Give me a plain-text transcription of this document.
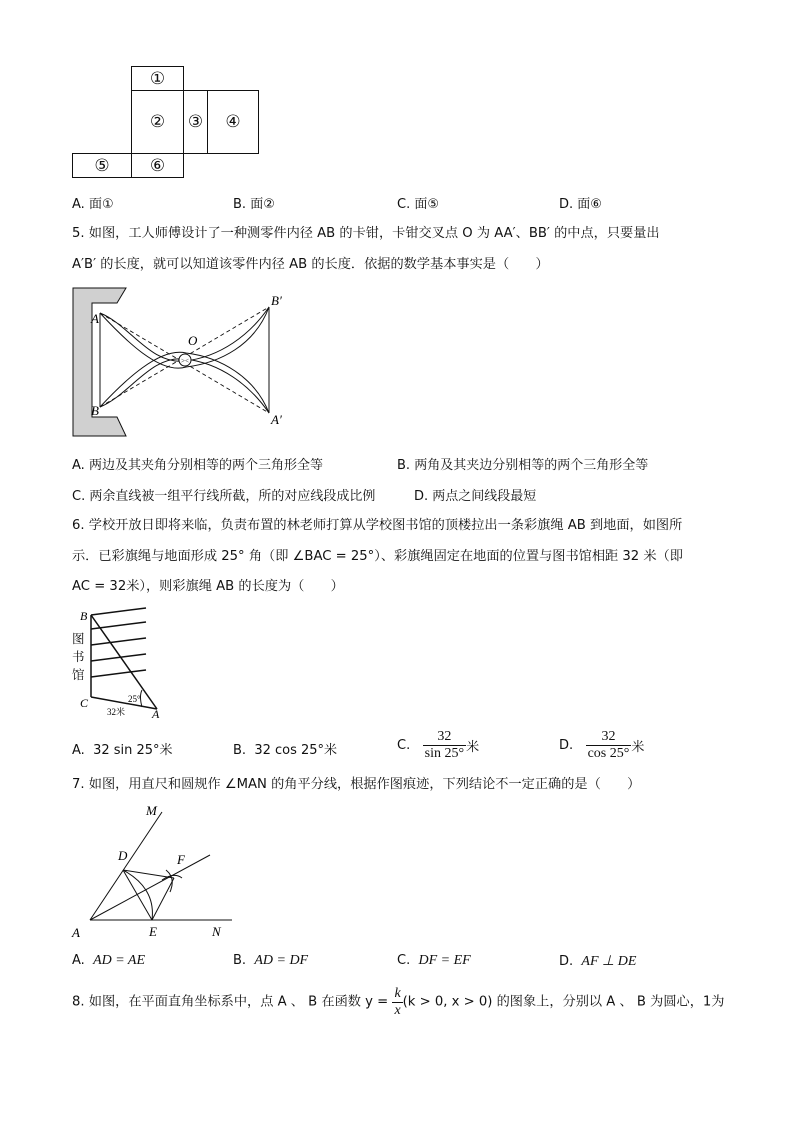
①
② ③ ④
⑤ ⑥
A. 面①	B. 面②	C. 面⑤	D. 面⑥
5. 如图，工人师傅设计了一种测零件内径 AB 的卡钳，卡钳交叉点 O 为 AA′、BB′ 的中点，只要量出
A′B′ 的长度，就可以知道该零件内径 AB 的长度．依据的数学基本事实是（　　）
><
A
B
O
B′
A′
A. 两边及其夹角分别相等的两个三角形全等	B. 两角及其夹边分别相等的两个三角形全等
C. 两余直线被一组平行线所截，所的对应线段成比例	D. 两点之间线段最短
6. 学校开放日即将来临，负责布置的林老师打算从学校图书馆的顶楼拉出一条彩旗绳 AB 到地面，如图所
示．已彩旗绳与地面形成 25° 角（即 ∠BAC = 25°）、彩旗绳固定在地面的位置与图书馆相距 32 米（即
AC = 32米），则彩旗绳 AB 的长度为（　　）
B
C
A
25°
32米
图
书
馆
A. 32 sin 25°米	B. 32 cos 25°米	C. $\frac{32}{\sin 25^\circ}$ 米	D. $\frac{32}{\cos 25^\circ}$ 米
7. 如图，用直尺和圆规作 ∠MAN 的角平分线，根据作图痕迹，下列结论不一定正确的是（　　）
M
D	F
A	E	N
A. AD = AE	B. AD = DF	C. DF = EF	D. AF ⊥ DE
8. 如图，在平面直角坐标系中，点 A 、 B 在函数 $y = \frac{k}{x} (k > 0$, x > 0) 的图象上，分别以 A 、 B 为圆心，1为
